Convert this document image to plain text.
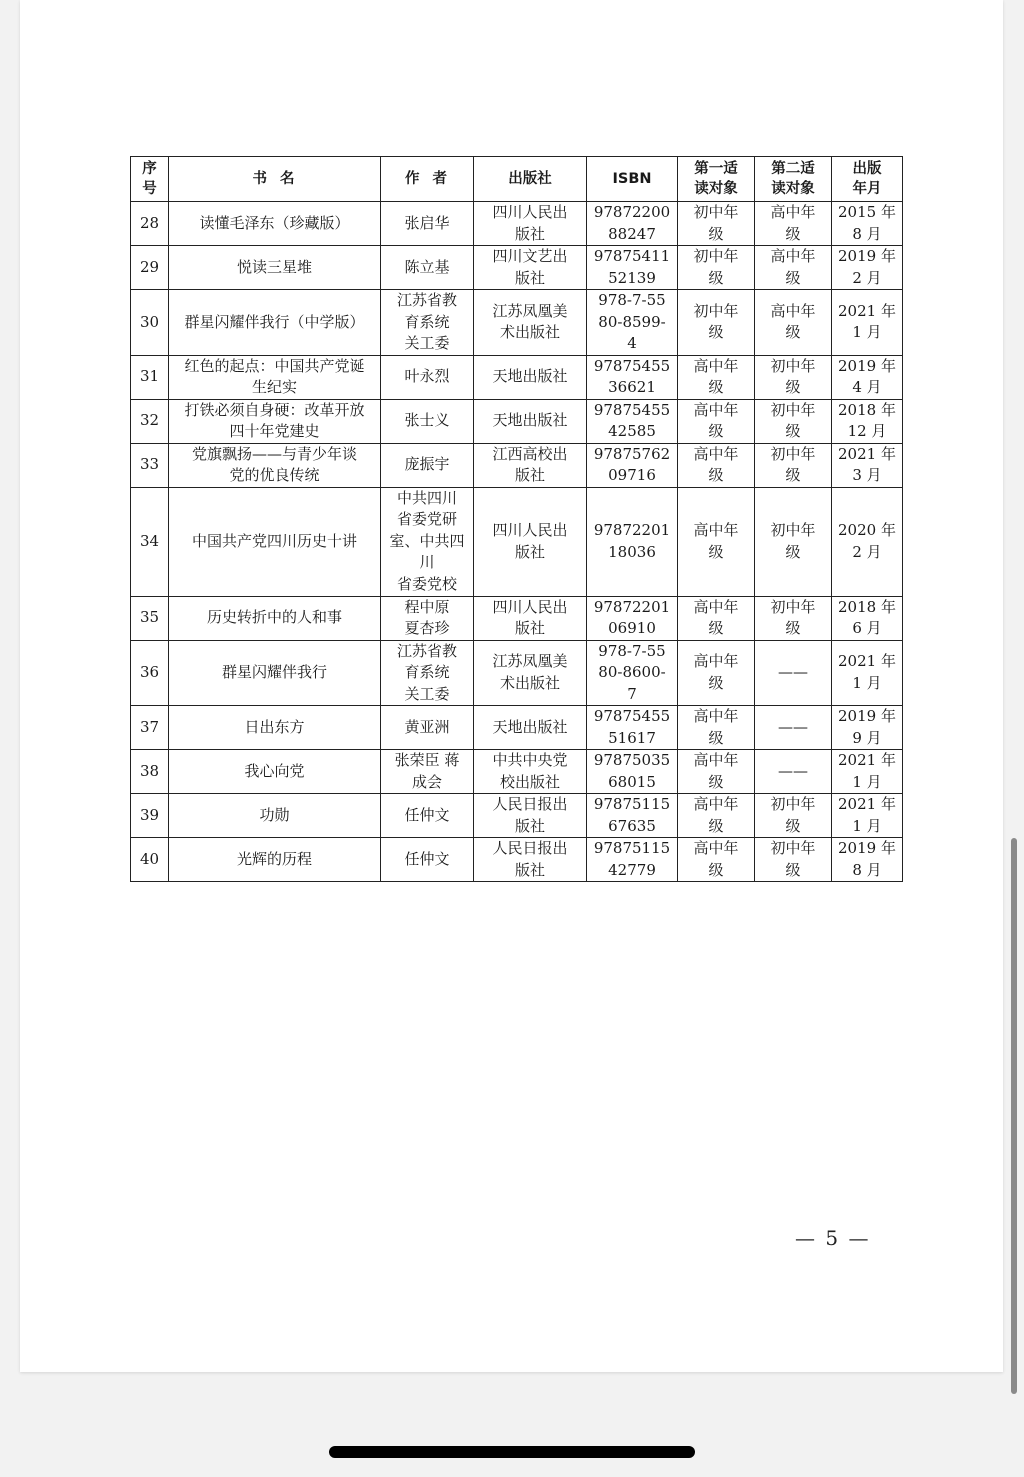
序
号	书名	作者	出版社	ISBN	第一适
读对象	第二适
读对象	出版
年月
28	读懂毛泽东（珍藏版）	张启华	四川人民出
版社	97872200
88247	初中年
级	高中年
级	2015 年
8 月
29	悦读三星堆	陈立基	四川文艺出
版社	97875411
52139	初中年
级	高中年
级	2019 年
2 月
30	群星闪耀伴我行（中学版）	江苏省教
育系统
关工委	江苏凤凰美
术出版社	978-7-55
80-8599-
4	初中年
级	高中年
级	2021 年
1 月
31	红色的起点：中国共产党诞
生纪实	叶永烈	天地出版社	97875455
36621	高中年
级	初中年
级	2019 年
4 月
32	打铁必须自身硬：改革开放
四十年党建史	张士义	天地出版社	97875455
42585	高中年
级	初中年
级	2018 年
12 月
33	党旗飘扬——与青少年谈
党的优良传统	庞振宇	江西高校出
版社	97875762
09716	高中年
级	初中年
级	2021 年
3 月
34	中国共产党四川历史十讲	中共四川
省委党研
室、中共四
川
省委党校	四川人民出
版社	97872201
18036	高中年
级	初中年
级	2020 年
2 月
35	历史转折中的人和事	程中原
夏杏珍	四川人民出
版社	97872201
06910	高中年
级	初中年
级	2018 年
6 月
36	群星闪耀伴我行	江苏省教
育系统
关工委	江苏凤凰美
术出版社	978-7-55
80-8600-
7	高中年
级	——	2021 年
1 月
37	日出东方	黄亚洲	天地出版社	97875455
51617	高中年
级	——	2019 年
9 月
38	我心向党	张荣臣 蒋
成会	中共中央党
校出版社	97875035
68015	高中年
级	——	2021 年
1 月
39	功勋	任仲文	人民日报出
版社	97875115
67635	高中年
级	初中年
级	2021 年
1 月
40	光辉的历程	任仲文	人民日报出
版社	97875115
42779	高中年
级	初中年
级	2019 年
8 月
— 5 —
